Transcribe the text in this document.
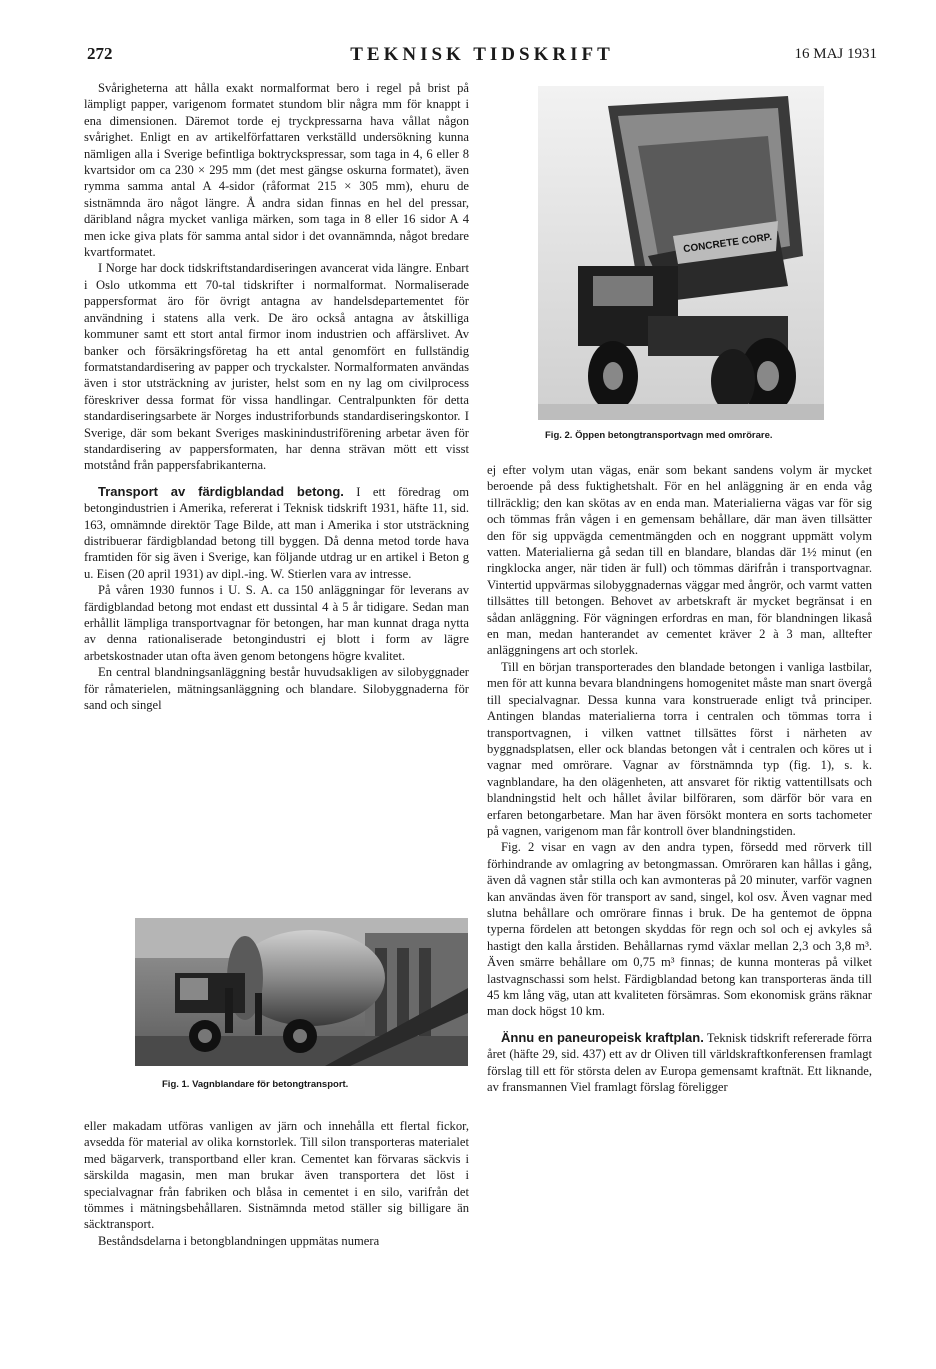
272	TEKNISK TIDSKRIFT	16 MAJ 1931

Svårigheterna att hålla exakt normalformat bero i regel på brist på lämpligt papper, varigenom formatet stundom blir några mm för knappt i ena dimensionen. Däremot torde ej tryckpressarna hava vållat någon svårighet. Enligt en av artikelförfattaren verkställd undersökning kunna nämligen alla i Sverige befintliga boktryckspressar, som taga in 4, 6 eller 8 kvartsidor om ca 230 × 295 mm (det mest gängse oskurna formatet), även rymma samma antal A 4-sidor (råformat 215 × 305 mm), ehuru de sistnämnda äro något längre. Å andra sidan finnas en hel del pressar, däribland några mycket vanliga märken, som taga in 8 eller 16 sidor A 4 men icke giva plats för samma antal sidor i det ovannämnda, något bredare kvartformatet.

I Norge har dock tidskriftstandardiseringen avancerat vida längre. Enbart i Oslo utkomma ett 70-tal tidskrifter i normalformat. Normaliserade pappersformat äro för övrigt antagna av handelsdepartementet för användning i statens alla verk. De äro också antagna av åtskilliga kommuner samt ett stort antal firmor inom industrien och affärslivet. Av banker och försäkringsföretag ha ett antal genomfört en fullständig formatstandardisering av papper och tryckalster. Normalformaten användas även i stor utsträckning av jurister, helst som en ny lag om civilprocess föreskriver dessa format för vissa handlingar. Centralpunkten för detta standardiseringsarbete är Norges industriforbunds standardiseringskontor. I Sverige, där som bekant Sveriges maskinindustriförening arbetar även för standardisering av pappersformaten, har denna strävan mött ett visst motstånd från pappersfabrikanterna.

Transport av färdigblandad betong. I ett föredrag om betongindustrien i Amerika, refererat i Teknisk tidskrift 1931, häfte 11, sid. 163, omnämnde direktör Tage Bilde, att man i Amerika i stor utsträckning distribuerar färdigblandad betong till byggen. Då denna metod torde hava framtiden för sig även i Sverige, kan följande utdrag ur en artikel i Beton g u. Eisen (20 april 1931) av dipl.-ing. W. Stierlen vara av intresse.

På våren 1930 funnos i U. S. A. ca 150 anläggningar för leverans av färdigblandad betong mot endast ett dussintal 4 à 5 år tidigare. Sedan man erhållit lämpliga transportvagnar för betongen, har man kunnat draga nytta av denna rationaliserade betongindustri ej blott i form av lägre arbetskostnader utan ofta även genom betongens högre kvalitet.

En central blandningsanläggning består huvudsakligen av silobyggnader för råmaterielen, mätningsanläggning och blandare. Silobyggnaderna för sand och singel

Fig. 1. Vagnblandare för betongtransport.

eller makadam utföras vanligen av järn och innehålla ett flertal fickor, avsedda för material av olika kornstorlek. Till silon transporteras materialet med bägarverk, transportband eller kran. Cementet kan förvaras säckvis i särskilda magasin, men man brukar även transportera det löst i specialvagnar från fabriken och blåsa in cementet i en silo, varifrån det tömmes i mätningsbehållaren. Sistnämnda metod ställer sig billigare än säcktransport.

Beståndsdelarna i betongblandningen uppmätas numera

CONCRETE CORP.
Fig. 2. Öppen betongtransportvagn med omrörare.

ej efter volym utan vägas, enär som bekant sandens volym är mycket beroende på dess fuktighetshalt. För en hel anläggning är en enda våg tillräcklig; den kan skötas av en enda man. Materialierna vägas var för sig och tömmas från vågen i en gemensam behållare, där man även tillsätter den för sig uppvägda cementmängden och en noggrant uppmätt volym vatten. Materialierna gå sedan till en blandare, blandas där 1½ minut (en ringklocka anger, när tiden är full) och tömmas därifrån i transportvagnar. Vintertid uppvärmas silobyggnadernas väggar med ångrör, och varmt vatten tillsättes till betongen. Behovet av arbetskraft är mycket begränsat i en sådan anläggning. För vägningen erfordras en man, för blandningen likaså en man, medan hanterandet av cementet kräver 2 à 3 man, alltefter anläggningens art och storlek.

Till en början transporterades den blandade betongen i vanliga lastbilar, men för att kunna bevara blandningens homogenitet måste man snart övergå till specialvagnar. Dessa kunna vara konstruerade enligt två principer. Antingen blandas materialierna torra i centralen och tömmas torra i transportvagnen, i vilken vattnet tillsättes först i närheten av byggnadsplatsen, eller ock blandas betongen våt i centralen och köres ut i vagnar med omrörare. Vagnar av förstnämnda typ (fig. 1), s. k. vagnblandare, ha den olägenheten, att ansvaret för riktig vattentillsats och blandningstid helt och hållet åvilar bilföraren, som därför bör vara en erfaren betongarbetare. Man har även försökt montera en sorts tachometer på vagnen, varigenom man får kontroll över blandningstiden.

Fig. 2 visar en vagn av den andra typen, försedd med rörverk till förhindrande av omlagring av betongmassan. Omröraren kan hållas i gång, även då vagnen står stilla och kan avmonteras på 20 minuter, varför vagnen kan användas även för transport av sand, singel, kol osv. Även vagnar med slutna behållare och omrörare finnas i bruk. De ha gentemot de öppna typerna fördelen att betongen skyddas för regn och sol och ej avkyles så hastigt den kalla årstiden. Behållarnas rymd växlar mellan 2,3 och 3,8 m³. Även smärre behållare om 0,75 m³ finnas; de kunna monteras på vilket lastvagnschassi som helst. Färdigblandad betong kan transporteras ända till 45 km lång väg, utan att kvaliteten försämras. Som ekonomisk gräns räknar man dock högst 10 km.

Ännu en paneuropeisk kraftplan. Teknisk tidskrift refererade förra året (häfte 29, sid. 437) ett av dr Oliven till världskraftkonferensen framlagt förslag till ett för största delen av Europa gemensamt kraftnät. Ett liknande, av fransmannen Viel framlagt förslag föreligger
